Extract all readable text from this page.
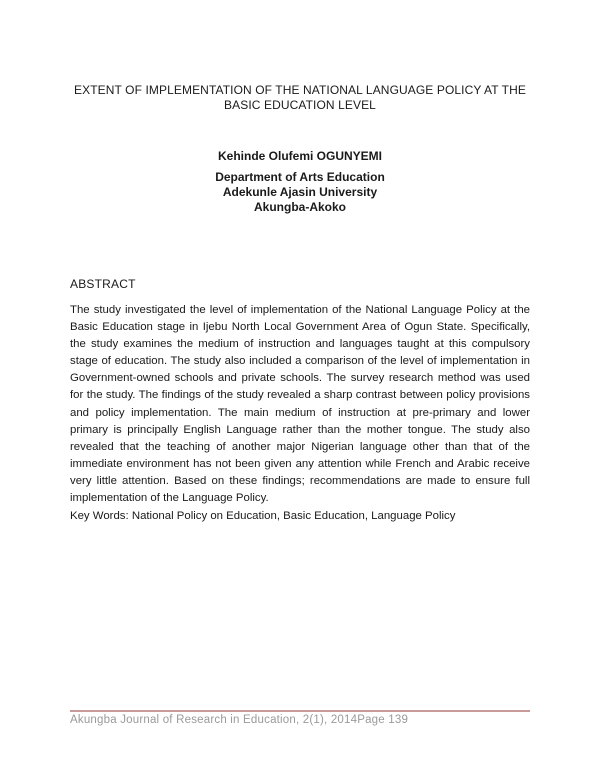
EXTENT OF IMPLEMENTATION OF THE NATIONAL LANGUAGE POLICY AT THE
BASIC EDUCATION LEVEL
Kehinde Olufemi OGUNYEMI
Department of Arts Education
Adekunle Ajasin University
Akungba-Akoko
ABSTRACT

The study investigated the level of implementation of the National Language Policy at the Basic Education stage in Ijebu North Local Government Area of Ogun State. Specifically, the study examines the medium of instruction and languages taught at this compulsory stage of education. The study also included a comparison of the level of implementation in Government-owned schools and private schools. The survey research method was used for the study. The findings of the study revealed a sharp contrast between policy provisions and policy implementation. The main medium of instruction at pre-primary and lower primary is principally English Language rather than the mother tongue. The study also revealed that the teaching of another major Nigerian language other than that of the immediate environment has not been given any attention while French and Arabic receive very little attention. Based on these findings; recommendations are made to ensure full implementation of the Language Policy.

Key Words: National Policy on Education, Basic Education, Language Policy

Akungba Journal of Research in Education, 2(1), 2014Page 139
